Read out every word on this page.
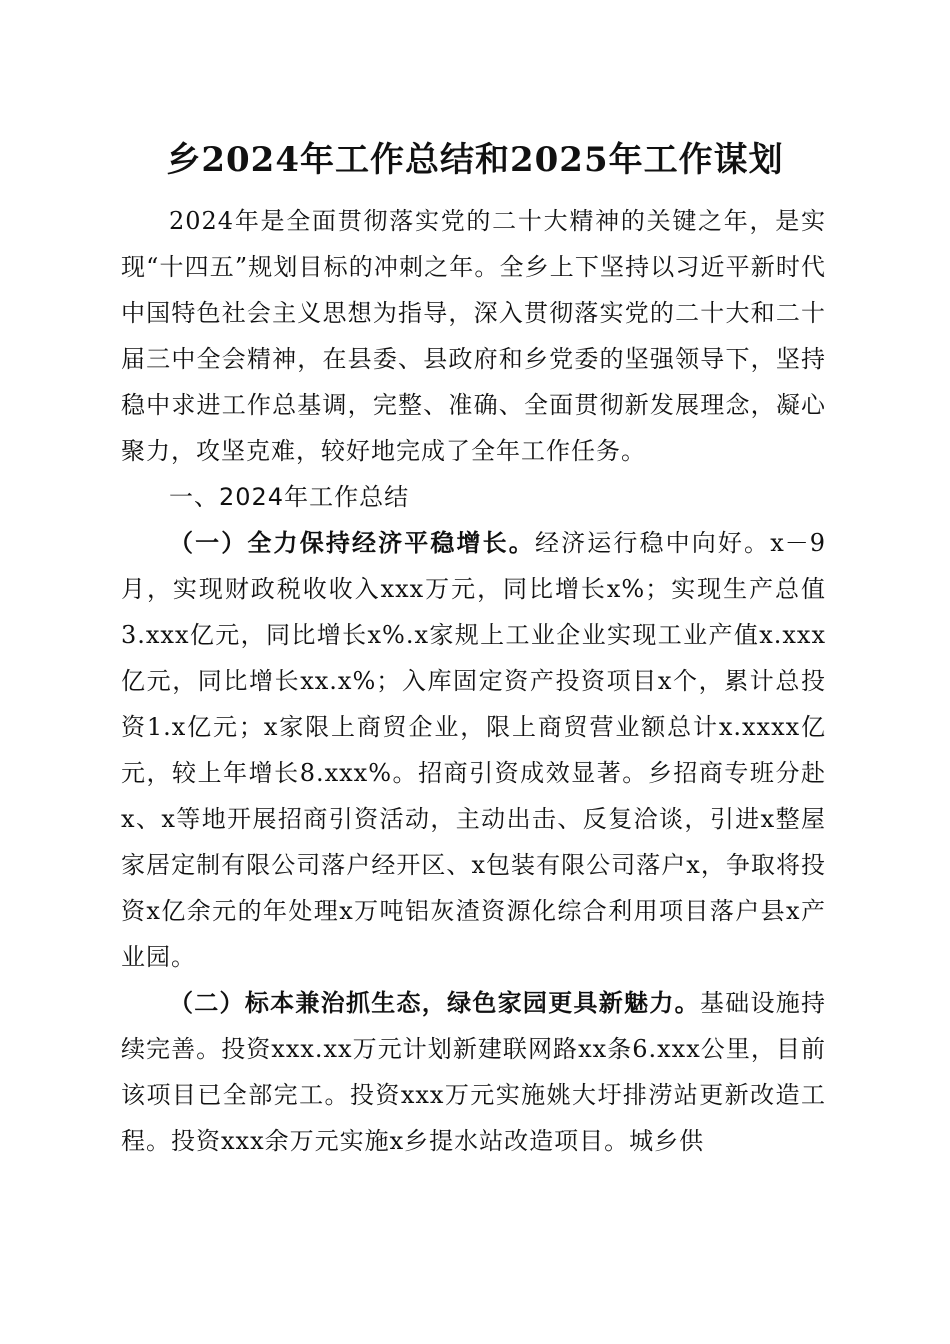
乡2024年工作总结和2025年工作谋划

2024年是全面贯彻落实党的二十大精神的关键之年，是实现“十四五”规划目标的冲刺之年。全乡上下坚持以习近平新时代中国特色社会主义思想为指导，深入贯彻落实党的二十大和二十届三中全会精神，在县委、县政府和乡党委的坚强领导下，坚持稳中求进工作总基调，完整、准确、全面贯彻新发展理念，凝心聚力，攻坚克难，较好地完成了全年工作任务。

一、2024年工作总结

（一）全力保持经济平稳增长。经济运行稳中向好。x－9月，实现财政税收收入xxx万元，同比增长x%；实现生产总值3.xxx亿元，同比增长x%.x家规上工业企业实现工业产值x.xxx亿元，同比增长xx.x%；入库固定资产投资项目x个，累计总投资1.x亿元；x家限上商贸企业，限上商贸营业额总计x.xxxx亿元，较上年增长8.xxx%。招商引资成效显著。乡招商专班分赴x、x等地开展招商引资活动，主动出击、反复洽谈，引进x整屋家居定制有限公司落户经开区、x包装有限公司落户x，争取将投资x亿余元的年处理x万吨铝灰渣资源化综合利用项目落户县x产业园。

（二）标本兼治抓生态，绿色家园更具新魅力。基础设施持续完善。投资xxx.xx万元计划新建联网路xx条6.xxx公里，目前该项目已全部完工。投资xxx万元实施姚大圩排涝站更新改造工程。投资xxx余万元实施x乡提水站改造项目。城乡供
